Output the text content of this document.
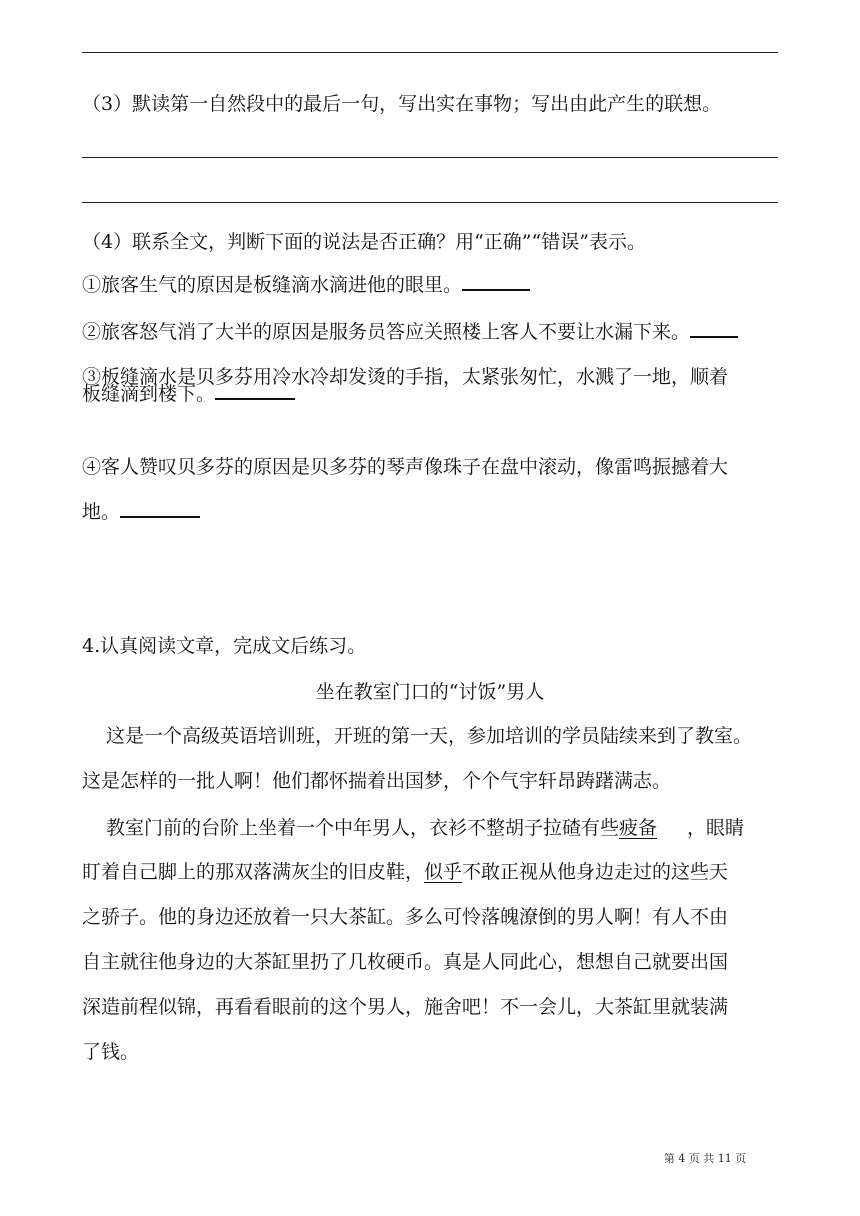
（3）默读第一自然段中的最后一句，写出实在事物；写出由此产生的联想。
（4）联系全文，判断下面的说法是否正确？用“正确”“错误”表示。
①旅客生气的原因是板缝滴水滴进他的眼里。
②旅客怒气消了大半的原因是服务员答应关照楼上客人不要让水漏下来。
③板缝滴水是贝多芬用冷水冷却发烫的手指，太紧张匆忙，水溅了一地，顺着
板缝滴到楼下。
④客人赞叹贝多芬的原因是贝多芬的琴声像珠子在盘中滚动，像雷鸣振撼着大
地。
4.认真阅读文章，完成文后练习。
坐在教室门口的“讨饭”男人
这是一个高级英语培训班，开班的第一天，参加培训的学员陆续来到了教室。
这是怎样的一批人啊！他们都怀揣着出国梦，个个气宇轩昂踌躇满志。
教室门前的台阶上坐着一个中年男人，衣衫不整胡子拉碴有些疲备 ，眼睛
盯着自己脚上的那双落满灰尘的旧皮鞋，似乎不敢正视从他身边走过的这些天
之骄子。他的身边还放着一只大茶缸。多么可怜落魄潦倒的男人啊！有人不由
自主就往他身边的大茶缸里扔了几枚硬币。真是人同此心，想想自己就要出国
深造前程似锦，再看看眼前的这个男人，施舍吧！不一会儿，大茶缸里就装满
了钱。
第 4 页 共 11 页
